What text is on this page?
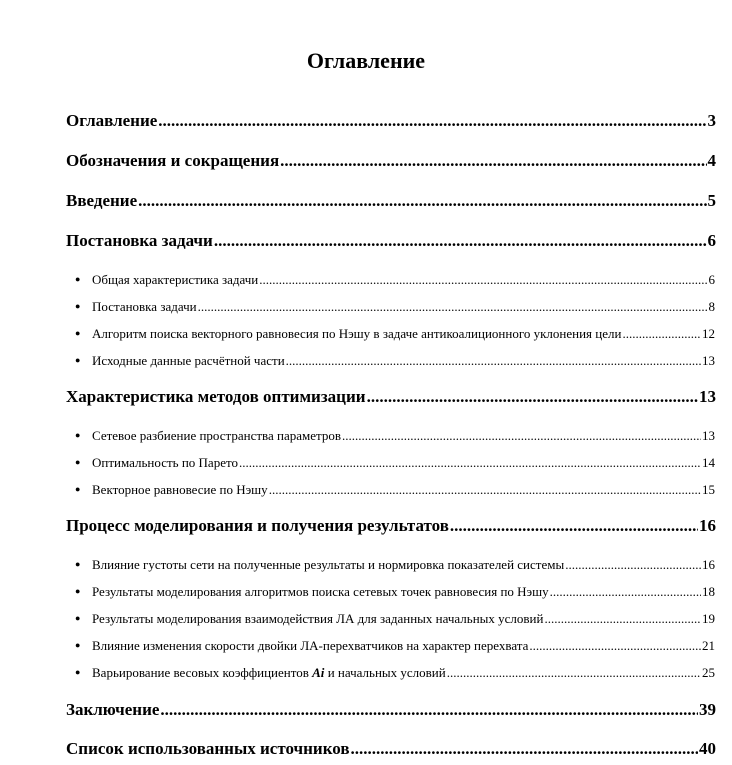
Оглавление
Оглавление .....	3
Обозначения и сокращения .....	4
Введение .....	5
Постановка задачи .....	6
● Общая характеристика задачи .....	6
● Постановка задачи .....	8
● Алгоритм поиска векторного равновесия по Нэшу в задаче антикоалиционного уклонения цели .....	12
● Исходные данные расчётной части .....	13
Характеристика методов оптимизации .....	13
● Сетевое разбиение пространства параметров .....	13
● Оптимальность по Парето .....	14
● Векторное равновесие по Нэшу .....	15
Процесс моделирования и получения результатов .....	16
● Влияние густоты сети на полученные результаты и нормировка показателей системы .....	16
● Результаты моделирования алгоритмов поиска сетевых точек равновесия по Нэшу .....	18
● Результаты моделирования взаимодействия ЛА для заданных начальных условий .....	19
● Влияние изменения скорости двойки ЛА-перехватчиков на характер перехвата .....	21
● Варьирование весовых коэффициентов Ai и начальных условий .....	25
Заключение .....	39
Список использованных источников .....	40
